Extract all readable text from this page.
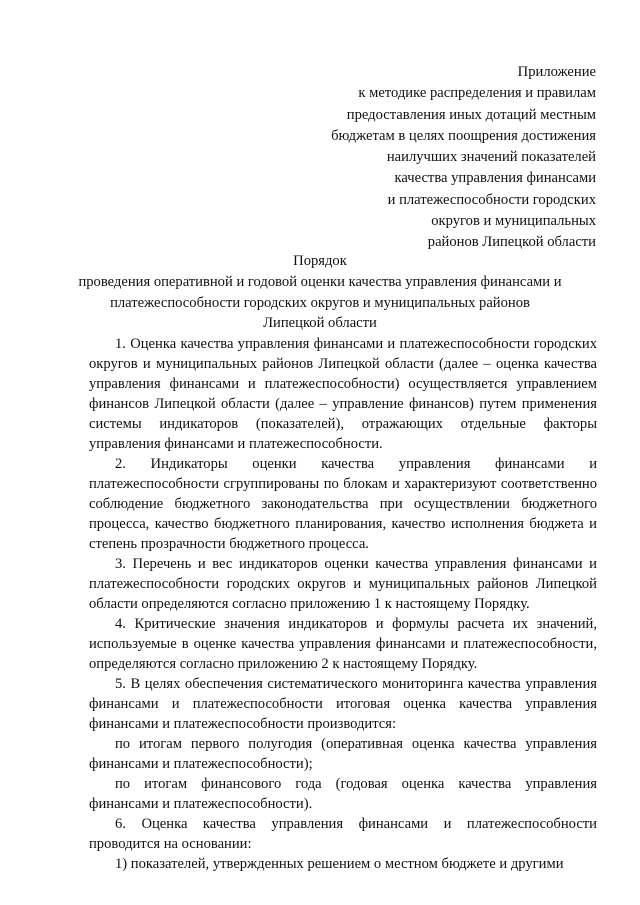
Приложение
к методике распределения и правилам
предоставления иных дотаций местным
бюджетам в целях поощрения достижения
наилучших значений показателей
качества управления финансами
и платежеспособности городских
округов и муниципальных
районов Липецкой области
Порядок
проведения оперативной и годовой оценки качества управления финансами и
платежеспособности городских округов и муниципальных районов
Липецкой области

1. Оценка качества управления финансами и платежеспособности городских округов и муниципальных районов Липецкой области (далее – оценка качества управления финансами и платежеспособности) осуществляется управлением финансов Липецкой области (далее – управление финансов) путем применения системы индикаторов (показателей), отражающих отдельные факторы управления финансами и платежеспособности.

2. Индикаторы оценки качества управления финансами и платежеспособности сгруппированы по блокам и характеризуют соответственно соблюдение бюджетного законодательства при осуществлении бюджетного процесса, качество бюджетного планирования, качество исполнения бюджета и степень прозрачности бюджетного процесса.

3. Перечень и вес индикаторов оценки качества управления финансами и платежеспособности городских округов и муниципальных районов Липецкой области определяются согласно приложению 1 к настоящему Порядку.

4. Критические значения индикаторов и формулы расчета их значений, используемые в оценке качества управления финансами и платежеспособности, определяются согласно приложению 2 к настоящему Порядку.

5. В целях обеспечения систематического мониторинга качества управления финансами и платежеспособности итоговая оценка качества управления финансами и платежеспособности производится:

по итогам первого полугодия (оперативная оценка качества управления финансами и платежеспособности);

по итогам финансового года (годовая оценка качества управления финансами и платежеспособности).

6. Оценка качества управления финансами и платежеспособности проводится на основании:

1) показателей, утвержденных решением о местном бюджете и другими
